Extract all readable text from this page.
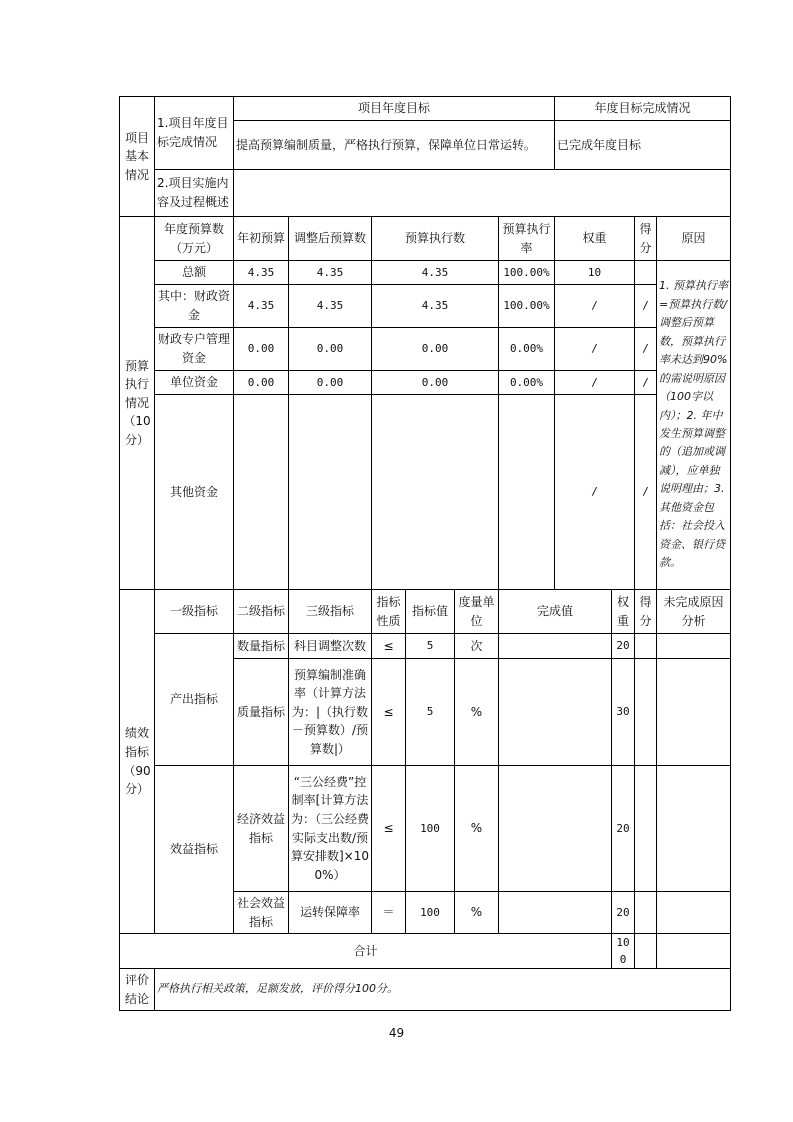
项目基本情况	1.项目年度目标完成情况	项目年度目标						年度目标完成情况			
		提高预算编制质量，严格执行预算，保障单位日常运转。						已完成年度目标			
	2.项目实施内容及过程概述										
预算执行情况（10分）	年度预算数（万元）	年初预算	调整后预算数	预算执行数			预算执行率	权重		得分	原因
	总额	4.35	4.35	4.35			100.00%	10			1. 预算执行率=预算执行数/调整后预算数，预算执行率未达到90%的需说明原因（100字以内）；2. 年中发生预算调整的（追加或调减），应单独说明理由；3. 其他资金包括：社会投入资金、银行贷款。
	其中：财政资金	4.35	4.35	4.35			100.00%	/		/	
	财政专户管理资金	0.00	0.00	0.00			0.00%	/		/	
	单位资金	0.00	0.00	0.00			0.00%	/		/	
	其他资金							/		/	
绩效指标（90分）	一级指标	二级指标	三级指标	指标性质	指标值	度量单位	完成值		权重	得分	未完成原因分析
	产出指标	数量指标	科目调整次数	≤	5	次			20		
		质量指标	预算编制准确率（计算方法为：|（执行数－预算数）/预算数|）	≤	5	%			30		
	效益指标	经济效益指标	“三公经费”控制率[计算方法为：（三公经费实际支出数/预算安排数]×100%）	≤	100	%			20		
		社会效益指标	运转保障率	＝	100	%			20		
合计									100		
评价结论	严格执行相关政策，足额发放，评价得分100分。										
49
